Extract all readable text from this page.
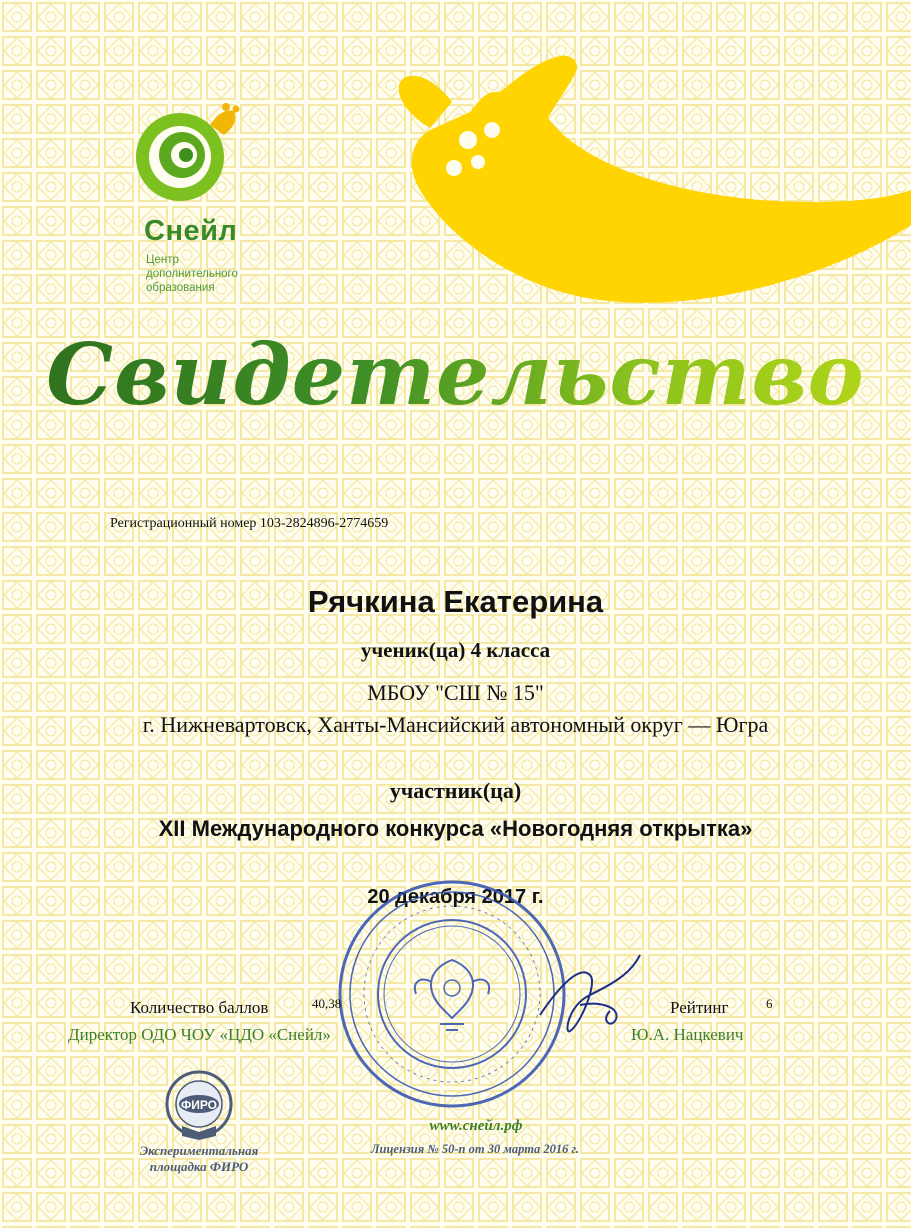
Снейл
Центр
дополнительного
образования
Свидетельство
Регистрационный номер 103-2824896-2774659
Рячкина Екатерина
ученик(ца) 4 класса
МБОУ "СШ № 15"
г. Нижневартовск, Ханты-Мансийский автономный округ — Югра
участник(ца)
XII Международного конкурса «Новогодняя открытка»
20 декабря 2017 г.
Количество баллов	40,38	Рейтинг	6
Директор ОДО ЧОУ «ЦДО «Снейл»	Ю.А. Нацкевич
ФИРО
Экспериментальная
площадка ФИРО
www.снейл.рф
Лицензия № 50-п от 30 марта 2016 г.
